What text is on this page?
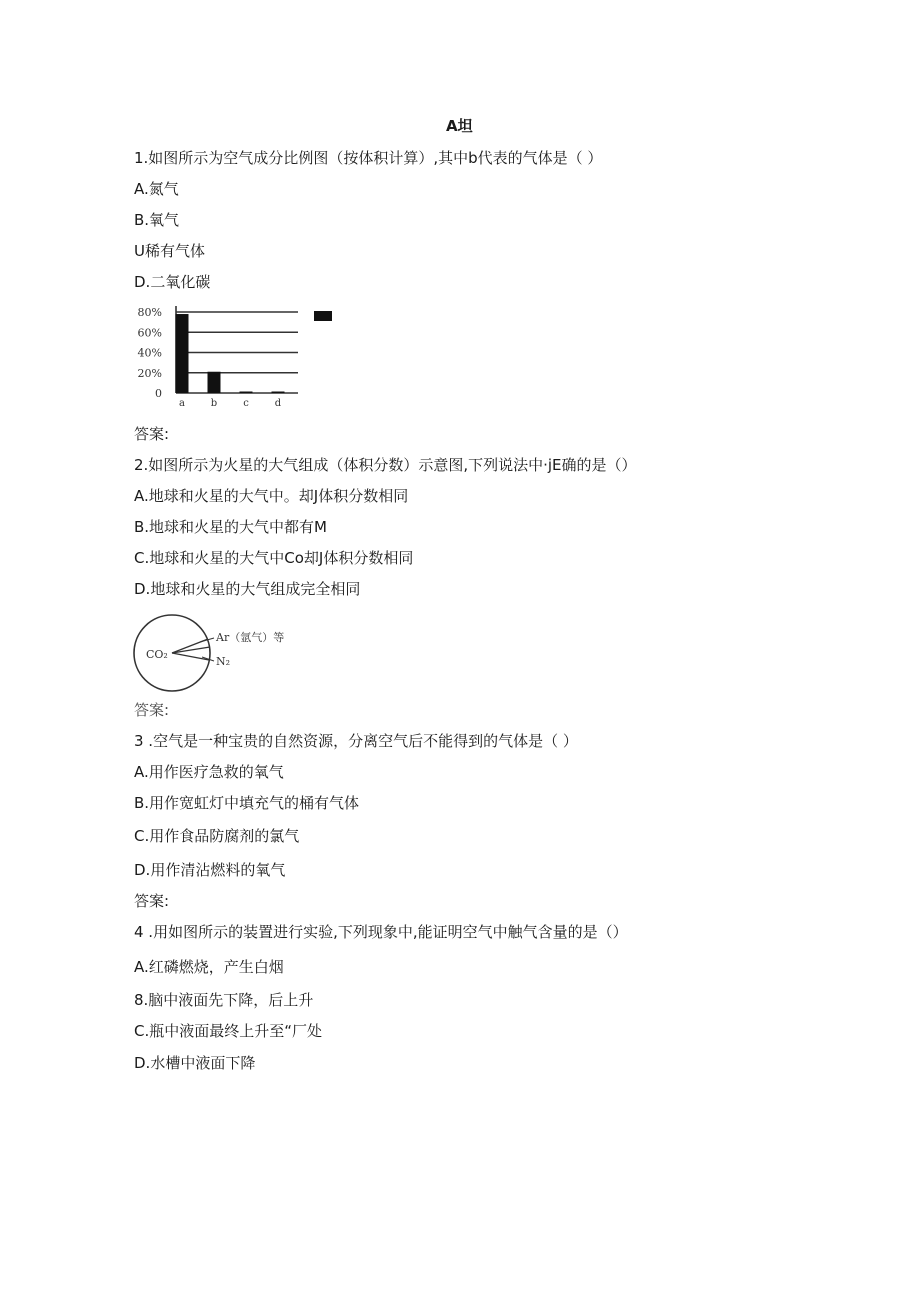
A坦
1.如图所示为空气成分比例图（按体积计算）,其中b代表的气体是（ ）
A.氮气
B.氧气
U稀有气体
D.二氧化碳
0
20%
40%
60%
80%
a	b	c	d
答案:
2.如图所示为火星的大气组成（体积分数）示意图,下列说法中·jE确的是（）
A.地球和火星的大气中。却J体积分数相同
B.地球和火星的大气中都有M
C.地球和火星的大气中Co却J体积分数相同
D.地球和火星的大气组成完全相同
CO₂
Ar（氩气）等
N₂
答案:
3 .空气是一种宝贵的自然资源，分离空气后不能得到的气体是（ ）
A.用作医疗急救的氧气
B.用作宽虹灯中填充气的桶有气体
C.用作食品防腐剂的氯气
D.用作清沾燃料的氧气
答案:
4 .用如图所示的装置进行实验,下列现象中,能证明空气中触气含量的是（）
A.红磷燃烧，产生白烟
8.脑中液面先下降，后上升
C.瓶中液面最终上升至“厂处
D.水槽中液面下降
